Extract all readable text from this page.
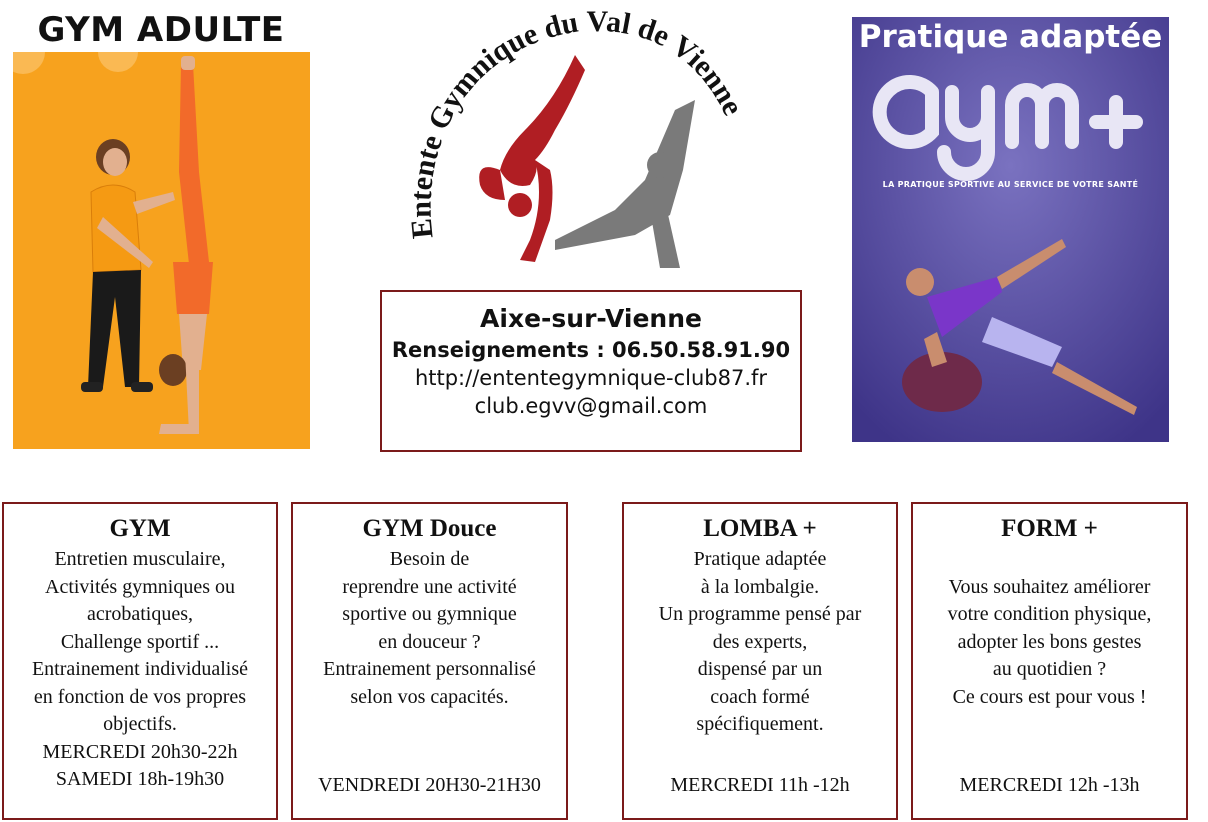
GYM ADULTE
Entente Gymnique du Val de Vienne
Aixe-sur-Vienne
Renseignements : 06.50.58.91.90
http://ententegymnique-club87.fr
club.egvv@gmail.com
Pratique adaptée
LA PRATIQUE SPORTIVE AU SERVICE DE VOTRE SANTÉ
GYM
Entretien musculaire,
Activités gymniques ou
acrobatiques,
Challenge sportif ...
Entrainement individualisé
en fonction de vos propres
objectifs.
MERCREDI 20h30-22h
SAMEDI 18h-19h30
GYM Douce
Besoin de
reprendre une activité
sportive ou gymnique
en douceur ?
Entrainement personnalisé
selon vos capacités.
VENDREDI 20H30-21H30
LOMBA +
Pratique adaptée
à la lombalgie.
Un programme pensé par
des experts,
dispensé par un
coach formé
spécifiquement.
MERCREDI 11h -12h
FORM +
Vous souhaitez améliorer
votre condition physique,
adopter les bons gestes
au quotidien ?
Ce cours est pour vous !
MERCREDI 12h -13h
